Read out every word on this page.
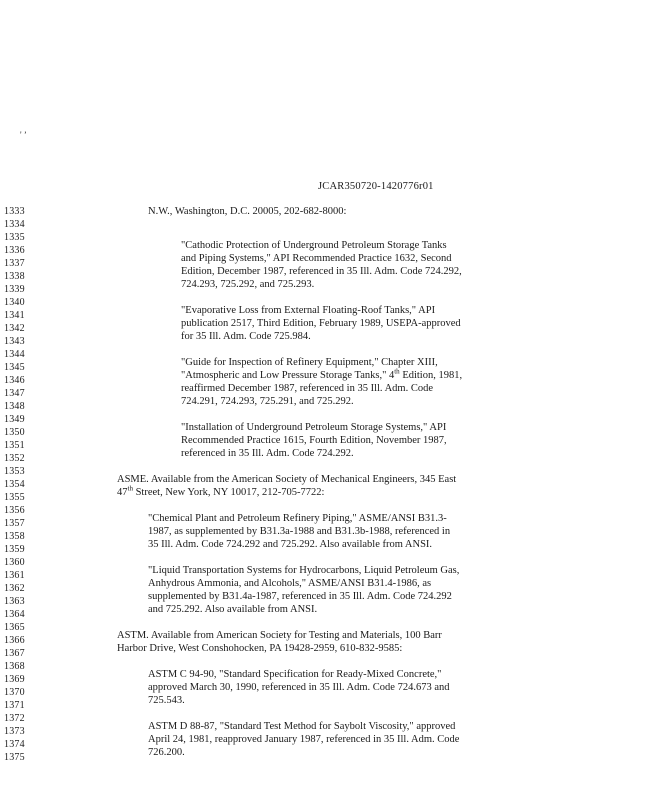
' ’
JCAR350720-1420776r01
1333
1334
1335
1336
1337
1338
1339
1340
1341
1342
1343
1344
1345
1346
1347
1348
1349
1350
1351
1352
1353
1354
1355
1356
1357
1358
1359
1360
1361
1362
1363
1364
1365
1366
1367
1368
1369
1370
1371
1372
1373
1374
1375
N.W., Washington, D.C. 20005, 202-682-8000:
"Cathodic Protection of Underground Petroleum Storage Tanks
and Piping Systems," API Recommended Practice 1632, Second
Edition, December 1987, referenced in 35 Ill. Adm. Code 724.292,
724.293, 725.292, and 725.293.
"Evaporative Loss from External Floating-Roof Tanks," API
publication 2517, Third Edition, February 1989, USEPA-approved
for 35 Ill. Adm. Code 725.984.
"Guide for Inspection of Refinery Equipment," Chapter XIII,
"Atmospheric and Low Pressure Storage Tanks," 4th Edition, 1981,
reaffirmed December 1987, referenced in 35 Ill. Adm. Code
724.291, 724.293, 725.291, and 725.292.
"Installation of Underground Petroleum Storage Systems," API
Recommended Practice 1615, Fourth Edition, November 1987,
referenced in 35 Ill. Adm. Code 724.292.
ASME. Available from the American Society of Mechanical Engineers, 345 East
47th Street, New York, NY 10017, 212-705-7722:
"Chemical Plant and Petroleum Refinery Piping," ASME/ANSI B31.3-
1987, as supplemented by B31.3a-1988 and B31.3b-1988, referenced in
35 Ill. Adm. Code 724.292 and 725.292. Also available from ANSI.
"Liquid Transportation Systems for Hydrocarbons, Liquid Petroleum Gas,
Anhydrous Ammonia, and Alcohols," ASME/ANSI B31.4-1986, as
supplemented by B31.4a-1987, referenced in 35 Ill. Adm. Code 724.292
and 725.292. Also available from ANSI.
ASTM. Available from American Society for Testing and Materials, 100 Barr
Harbor Drive, West Conshohocken, PA 19428-2959, 610-832-9585:
ASTM C 94-90, "Standard Specification for Ready-Mixed Concrete,"
approved March 30, 1990, referenced in 35 Ill. Adm. Code 724.673 and
725.543.
ASTM D 88-87, "Standard Test Method for Saybolt Viscosity," approved
April 24, 1981, reapproved January 1987, referenced in 35 Ill. Adm. Code
726.200.
